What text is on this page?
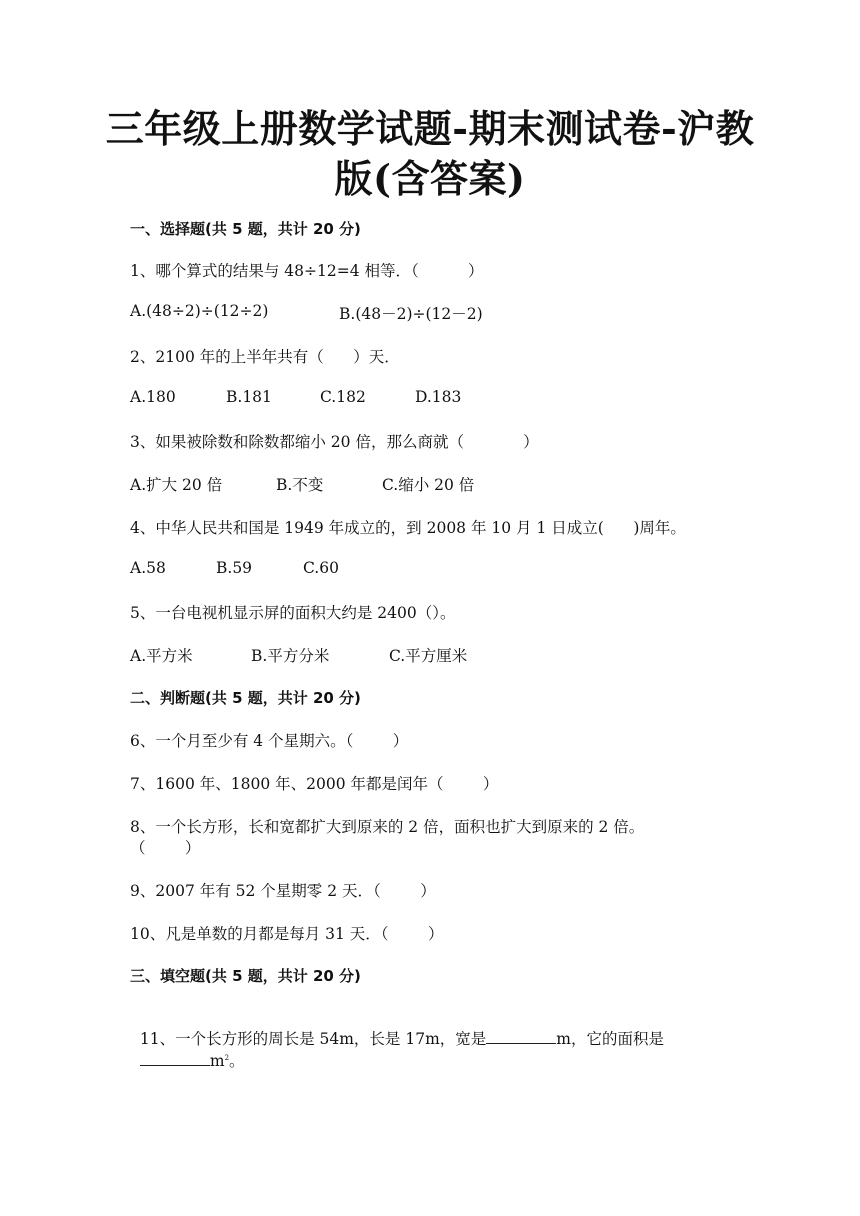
三年级上册数学试题-期末测试卷-沪教
版(含答案)
一、选择题(共 5 题，共计 20 分)
1、哪个算式的结果与 48÷12=4 相等．（          ）
A.(48÷2)÷(12÷2)	B.(48－2)÷(12－2)
2、2100 年的上半年共有（      ）天．
A.180	B.181	C.182	D.183
3、如果被除数和除数都缩小 20 倍，那么商就（            ）
A.扩大 20 倍	B.不变	C.缩小 20 倍
4、中华人民共和国是 1949 年成立的，到 2008 年 10 月 1 日成立(      )周年。
A.58	B.59	C.60
5、一台电视机显示屏的面积大约是 2400（）。
A.平方米	B.平方分米	C.平方厘米
二、判断题(共 5 题，共计 20 分)
6、一个月至少有 4 个星期六。（        ）
7、1600 年、1800 年、2000 年都是闰年（        ）
8、一个长方形，长和宽都扩大到原来的 2 倍，面积也扩大到原来的 2 倍。
（        ）
9、2007 年有 52 个星期零 2 天．（        ）
10、凡是单数的月都是每月 31 天．（        ）
三、填空题(共 5 题，共计 20 分)

11、一个长方形的周长是 54m，长是 17m，宽是	m，它的面积是

$m^2$。
